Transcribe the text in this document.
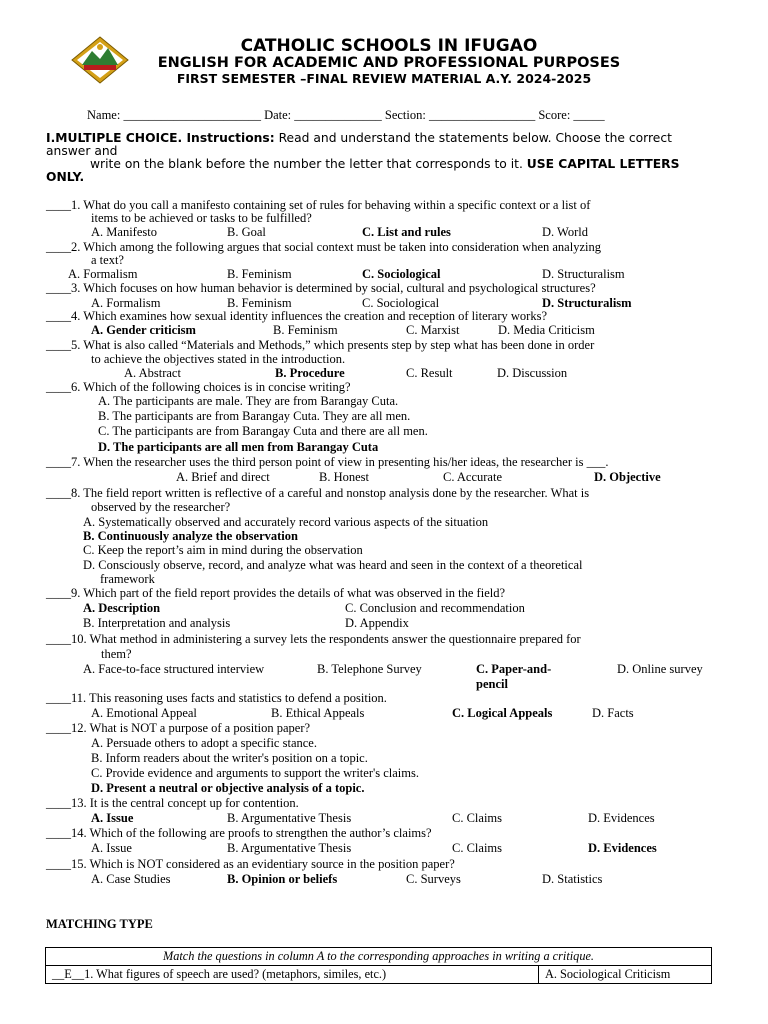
CATHOLIC SCHOOLS IN IFUGAO
ENGLISH FOR ACADEMIC AND PROFESSIONAL PURPOSES
FIRST SEMESTER –FINAL REVIEW MATERIAL A.Y. 2024-2025
Name: ______________________ Date: ______________ Section: _________________ Score: _____
I.MULTIPLE CHOICE. Instructions: Read and understand the statements below. Choose the correct answer and
write on the blank before the number the letter that corresponds to it. USE CAPITAL LETTERS ONLY.
____1. What do you call a manifesto containing set of rules for behaving within a specific context or a list of
items to be achieved or tasks to be fulfilled?
A. Manifesto	B. Goal	C. List and rules	D. World
____2. Which among the following argues that social context must be taken into consideration when analyzing
a text?
A. Formalism	B. Feminism	C. Sociological	D. Structuralism
____3. Which focuses on how human behavior is determined by social, cultural and psychological structures?
A. Formalism	B. Feminism	C. Sociological	D. Structuralism
____4. Which examines how sexual identity influences the creation and reception of literary works?
A. Gender criticism	B. Feminism	C. Marxist	D. Media Criticism
____5. What is also called “Materials and Methods,” which presents step by step what has been done in order
to achieve the objectives stated in the introduction.
A. Abstract	B. Procedure	C. Result	D. Discussion
____6. Which of the following choices is in concise writing?
A. The participants are male. They are from Barangay Cuta.
B. The participants are from Barangay Cuta. They are all men.
C. The participants are from Barangay Cuta and there are all men.
D. The participants are all men from Barangay Cuta
____7. When the researcher uses the third person point of view in presenting his/her ideas, the researcher is ___.
A. Brief and direct	B. Honest	C. Accurate	D. Objective
____8. The field report written is reflective of a careful and nonstop analysis done by the researcher. What is
observed by the researcher?
A. Systematically observed and accurately record various aspects of the situation
B. Continuously analyze the observation
C. Keep the report’s aim in mind during the observation
D. Consciously observe, record, and analyze what was heard and seen in the context of a theoretical
framework
____9. Which part of the field report provides the details of what was observed in the field?
A. Description	C. Conclusion and recommendation
B. Interpretation and analysis	D. Appendix
____10. What method in administering a survey lets the respondents answer the questionnaire prepared for
them?
A. Face-to-face structured interview	B. Telephone Survey	C. Paper-and-
pencil
D. Online survey
____11. This reasoning uses facts and statistics to defend a position.
A. Emotional Appeal	B. Ethical Appeals	C. Logical Appeals	D. Facts
____12. What is NOT a purpose of a position paper?
A. Persuade others to adopt a specific stance.
B. Inform readers about the writer's position on a topic.
C. Provide evidence and arguments to support the writer's claims.
D. Present a neutral or objective analysis of a topic.
____13. It is the central concept up for contention.
A. Issue	B. Argumentative Thesis	C. Claims	D. Evidences
____14. Which of the following are proofs to strengthen the author’s claims?
A. Issue	B. Argumentative Thesis	C. Claims	D. Evidences
____15. Which is NOT considered as an evidentiary source in the position paper?
A. Case Studies	B. Opinion or beliefs	C. Surveys	D. Statistics
MATCHING TYPE
Match the questions in column A to the corresponding approaches in writing a critique.
__E__1. What figures of speech are used? (metaphors, similes, etc.)	A. Sociological Criticism
